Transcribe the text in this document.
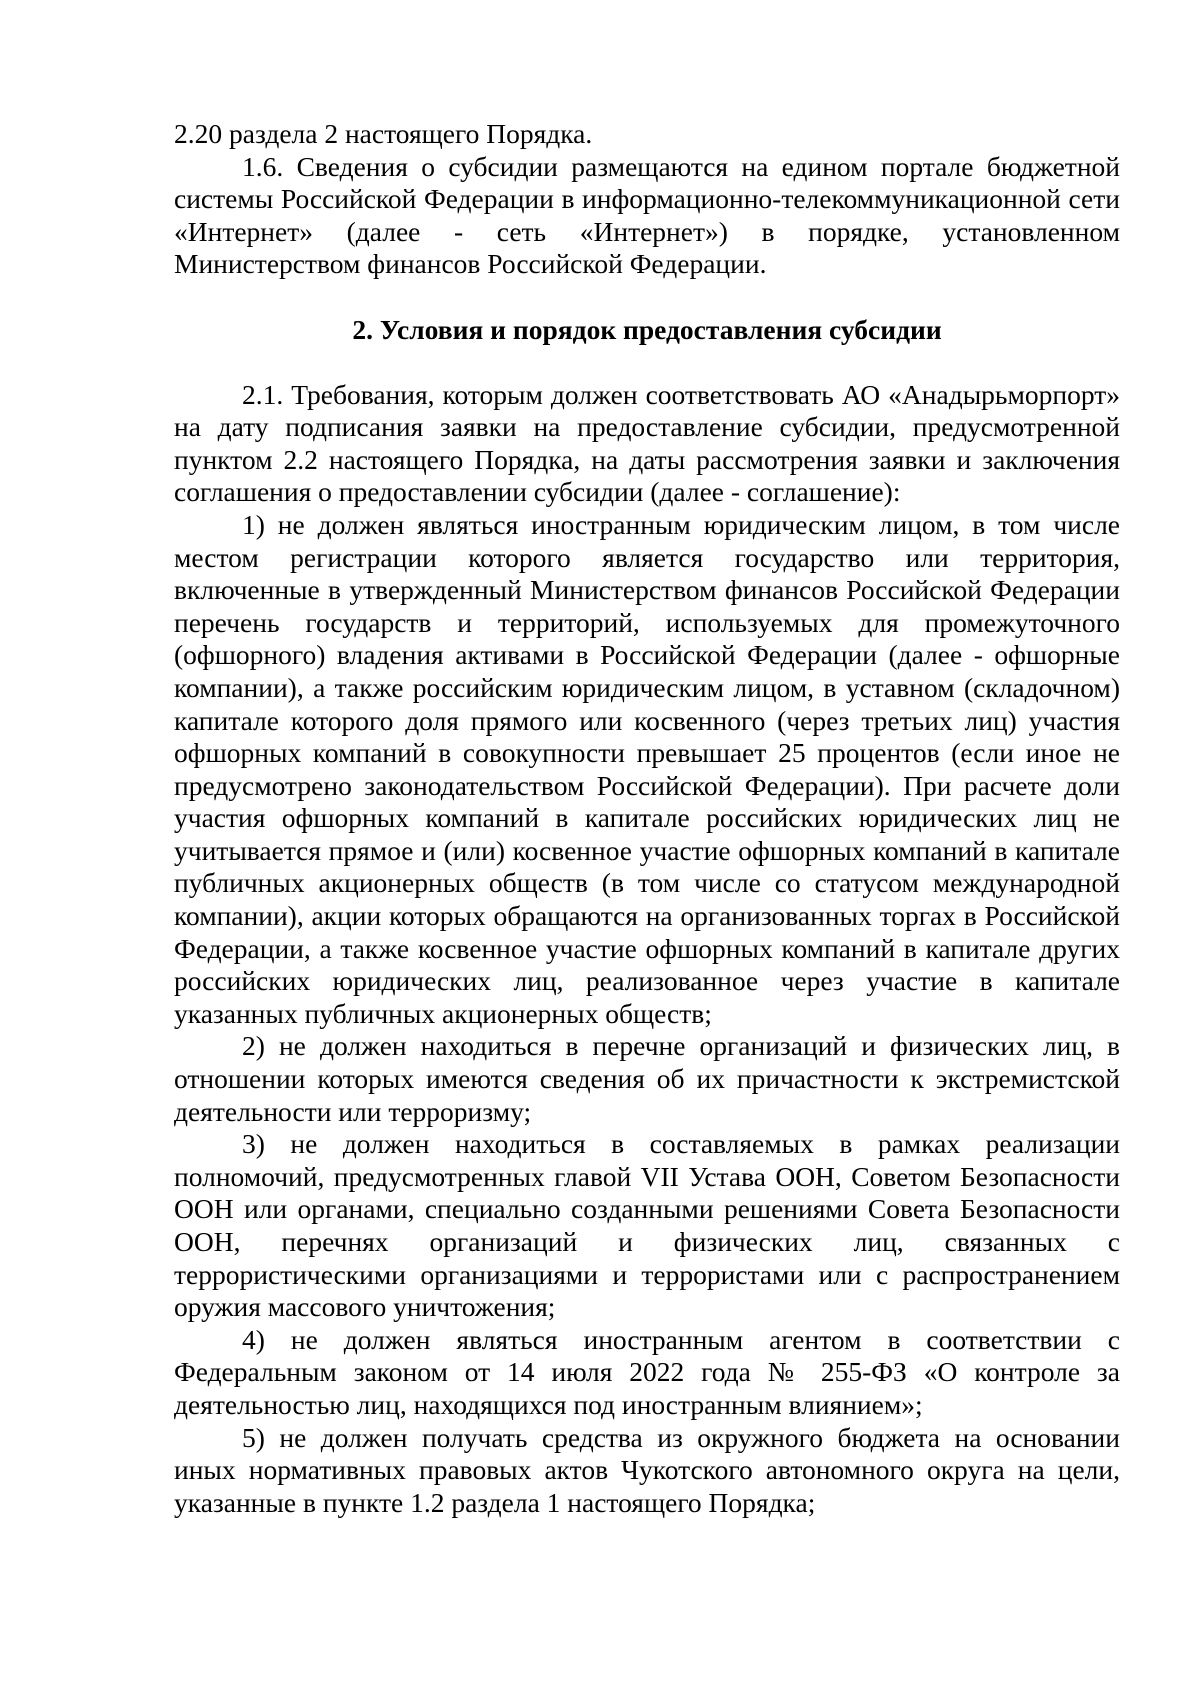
2.20 раздела 2 настоящего Порядка.

1.6. Сведения о субсидии размещаются на едином портале бюджетной системы Российской Федерации в информационно-телекоммуникационной сети «Интернет» (далее - сеть «Интернет») в порядке, установленном Министерством финансов Российской Федерации.

2. Условия и порядок предоставления субсидии

2.1. Требования, которым должен соответствовать АО «Анадырьморпорт» на дату подписания заявки на предоставление субсидии, предусмотренной пунктом 2.2 настоящего Порядка, на даты рассмотрения заявки и заключения соглашения о предоставлении субсидии (далее - соглашение):

1) не должен являться иностранным юридическим лицом, в том числе местом регистрации которого является государство или территория, включенные в утвержденный Министерством финансов Российской Федерации перечень государств и территорий, используемых для промежуточного (офшорного) владения активами в Российской Федерации (далее - офшорные компании), а также российским юридическим лицом, в уставном (складочном) капитале которого доля прямого или косвенного (через третьих лиц) участия офшорных компаний в совокупности превышает 25 процентов (если иное не предусмотрено законодательством Российской Федерации). При расчете доли участия офшорных компаний в капитале российских юридических лиц не учитывается прямое и (или) косвенное участие офшорных компаний в капитале публичных акционерных обществ (в том числе со статусом международной компании), акции которых обращаются на организованных торгах в Российской Федерации, а также косвенное участие офшорных компаний в капитале других российских юридических лиц, реализованное через участие в капитале указанных публичных акционерных обществ;

2) не должен находиться в перечне организаций и физических лиц, в отношении которых имеются сведения об их причастности к экстремистской деятельности или терроризму;

3) не должен находиться в составляемых в рамках реализации полномочий, предусмотренных главой VII Устава ООН, Советом Безопасности ООН или органами, специально созданными решениями Совета Безопасности ООН, перечнях организаций и физических лиц, связанных с террористическими организациями и террористами или с распространением оружия массового уничтожения;

4) не должен являться иностранным агентом в соответствии с Федеральным законом от 14 июля 2022 года № 255-ФЗ «О контроле за деятельностью лиц, находящихся под иностранным влиянием»;

5) не должен получать средства из окружного бюджета на основании иных нормативных правовых актов Чукотского автономного округа на цели, указанные в пункте 1.2 раздела 1 настоящего Порядка;
